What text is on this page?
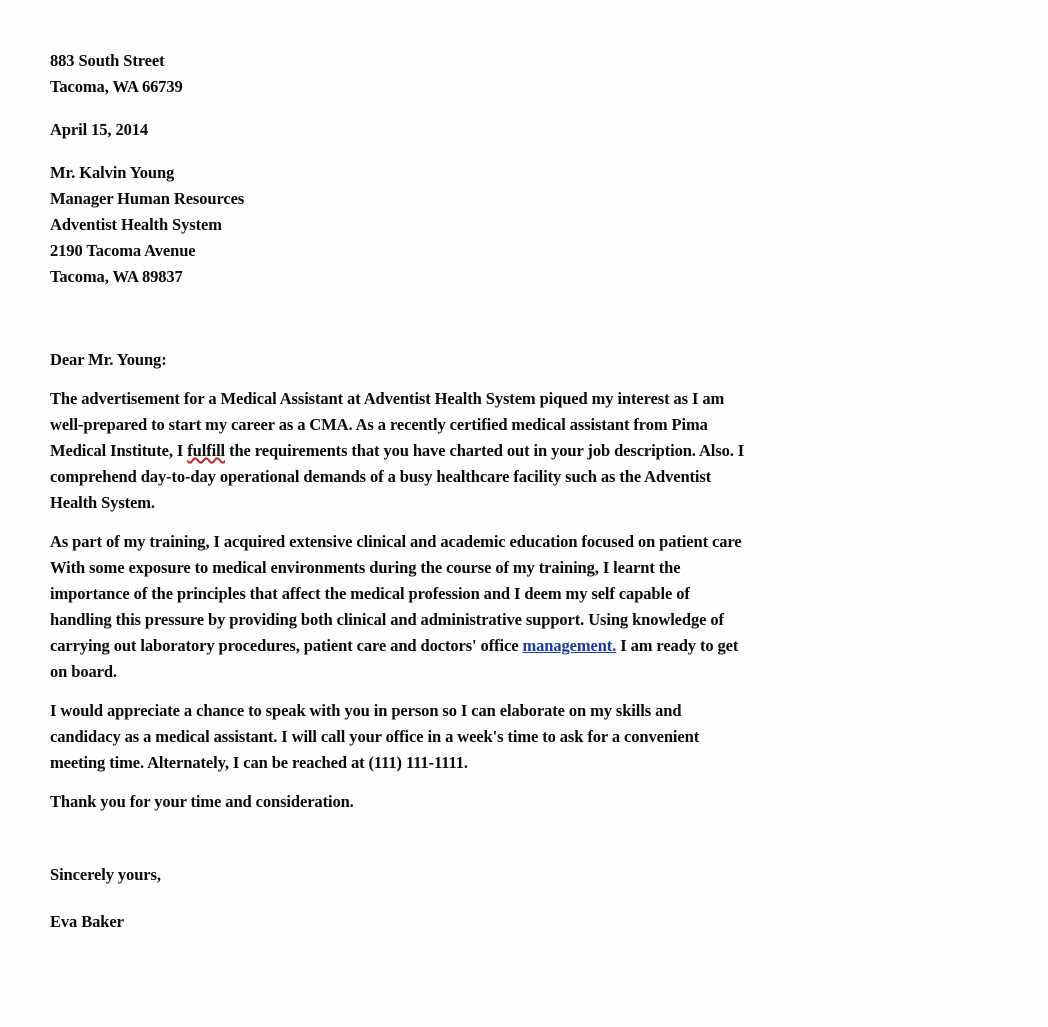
883 South Street
Tacoma, WA 66739
April 15, 2014
Mr. Kalvin Young
Manager Human Resources
Adventist Health System
2190 Tacoma Avenue
Tacoma, WA 89837
Dear Mr. Young:
The advertisement for a Medical Assistant at Adventist Health System piqued my interest as I am
well-prepared to start my career as a CMA. As a recently certified medical assistant from Pima
Medical Institute, I fulfill the requirements that you have charted out in your job description. Also. I
comprehend day-to-day operational demands of a busy healthcare facility such as the Adventist
Health System.
As part of my training, I acquired extensive clinical and academic education focused on patient care
With some exposure to medical environments during the course of my training, I learnt the
importance of the principles that affect the medical profession and I deem my self capable of
handling this pressure by providing both clinical and administrative support. Using knowledge of
carrying out laboratory procedures, patient care and doctors' office management. I am ready to get
on board.
I would appreciate a chance to speak with you in person so I can elaborate on my skills and
candidacy as a medical assistant. I will call your office in a week's time to ask for a convenient
meeting time. Alternately, I can be reached at (111) 111-1111.
Thank you for your time and consideration.
Sincerely yours,
Eva Baker
